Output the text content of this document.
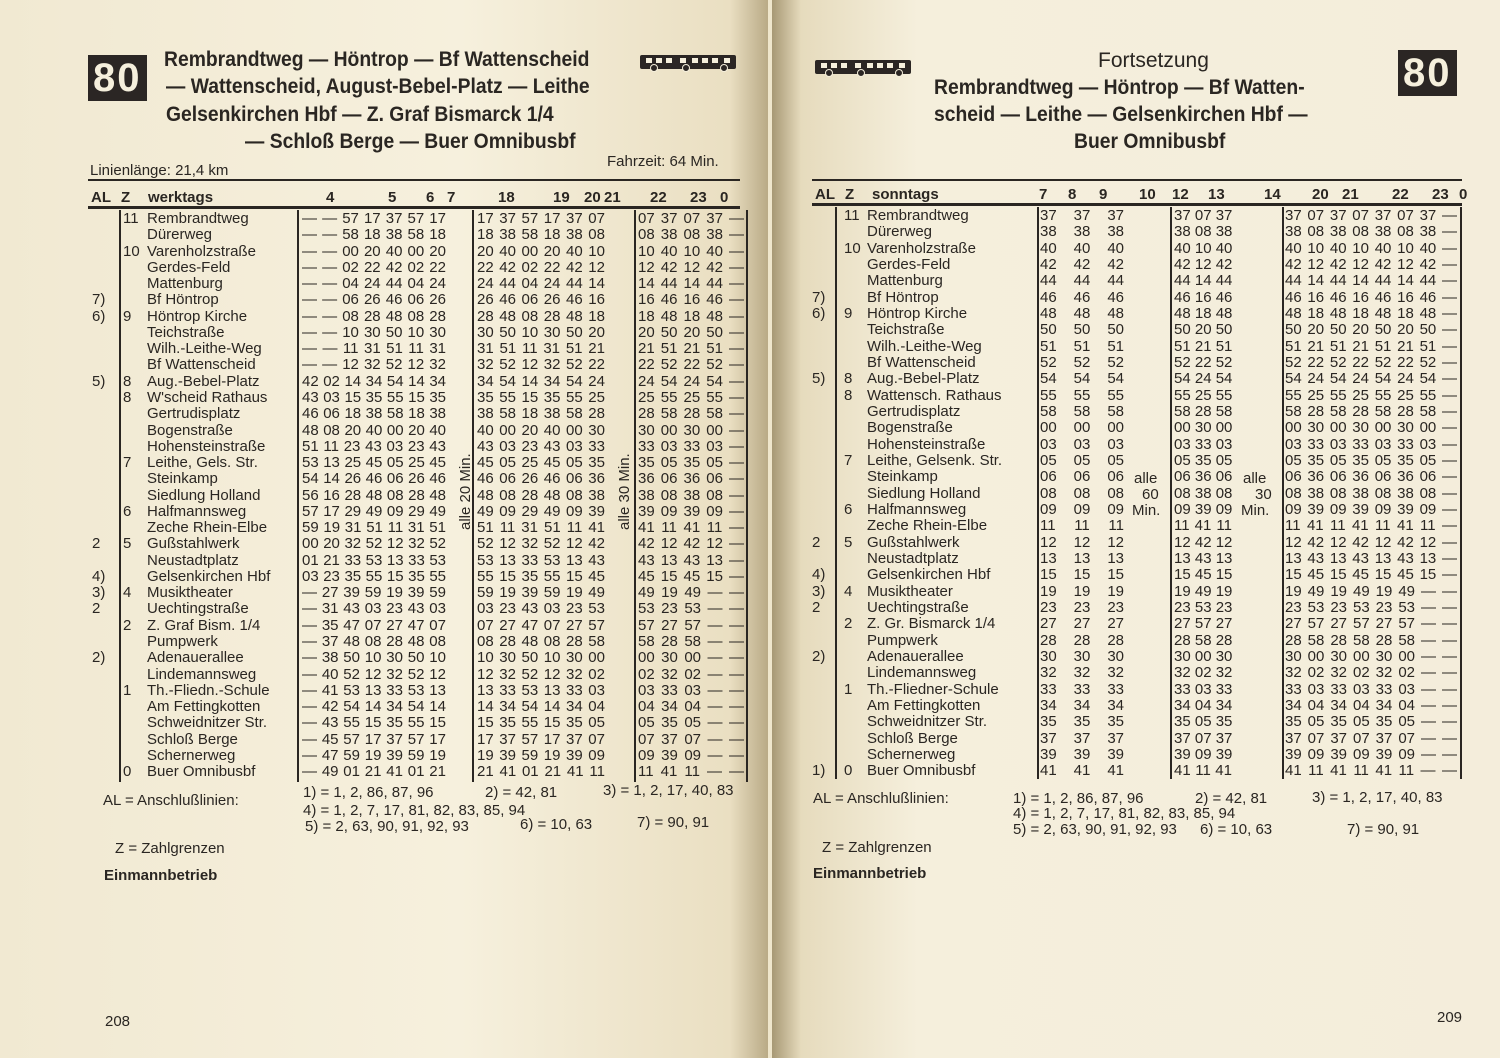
80 Rembrandtweg — Höntrop — Bf Wattenscheid
— Wattenscheid, August-Bebel-Platz — Leithe
Gelsenkirchen Hbf — Z. Graf Bismarck 1/4
— Schloß Berge — Buer Omnibusbf
Linienlänge: 21,4 km
Fahrzeit: 64 Min.
AL Z werktags	4	5 6 7	18	19 20 21 22 23 0
11 Rembrandtweg	— — 57 17 37 57 17 17 37 57 17 37 07 07 37 07 37 —
Dürerweg	— — 58 18 38 58 18 18 38 58 18 38 08 08 38 08 38 —
10 Varenholzstraße	— — 00 20 40 00 20 20 40 00 20 40 10 10 40 10 40 —
Gerdes-Feld	— — 02 22 42 02 22 22 42 02 22 42 12 12 42 12 42 —
Mattenburg	— — 04 24 44 04 24 24 44 04 24 44 14 14 44 14 44 —
7)	Bf Höntrop	— — 06 26 46 06 26 26 46 06 26 46 16 16 46 16 46 —
6) 9 Höntrop Kirche	— — 08 28 48 08 28 28 48 08 28 48 18 18 48 18 48 —
Teichstraße	— — 10 30 50 10 30 30 50 10 30 50 20 20 50 20 50 —
Wilh.-Leithe-Weg	— — 11 31 51 11 31 31 51 11 31 51 21 21 51 21 51 —
Bf Wattenscheid	— — 12 32 52 12 32 32 52 12 32 52 22 22 52 22 52 —
5) 8 Aug.-Bebel-Platz	42 02 14 34 54 14 34 34 54 14 34 54 24 24 54 24 54 —
8 W'scheid Rathaus 43 03 15 35 55 15 35 35 55 15 35 55 25 25 55 25 55 —
Gertrudisplatz	46 06 18 38 58 18 38 38 58 18 38 58 28 28 58 28 58 —
Bogenstraße	48 08 20 40 00 20 40 40 00 20 40 00 30 30 00 30 00 —
Hohensteinstraße 51 11 23 43 03 23 43 43 03 23 43 03 33 33 03 33 03 —
7 Leithe, Gels. Str.	53 13 25 45 05 25 45 45 05 25 45 05 35 35 05 35 05 —
Steinkamp	54 14 26 46 06 26 46 46 06 26 46 06 36 36 06 36 06 —
Siedlung Holland	56 16 28 48 08 28 48 48 08 28 48 08 38 38 08 38 08 —
6 Halfmannsweg	57 17 29 49 09 29 49 49 09 29 49 09 39 39 09 39 09 —
Zeche Rhein-Elbe 59 19 31 51 11 31 51 51 11 31 51 11 41 41 11 41 11 —
2 5 Gußstahlwerk	00 20 32 52 12 32 52 52 12 32 52 12 42 42 12 42 12 —
Neustadtplatz	01 21 33 53 13 33 53 53 13 33 53 13 43 43 13 43 13 —
4)	Gelsenkirchen Hbf 03 23 35 55 15 35 55 55 15 35 55 15 45 45 15 45 15 —
3) 4 Musiktheater	— 27 39 59 19 39 59 59 19 39 59 19 49 49 19 49 — —
2	Uechtingstraße	— 31 43 03 23 43 03 03 23 43 03 23 53 53 23 53 — —
2 Z. Graf Bism. 1/4	— 35 47 07 27 47 07 07 27 47 07 27 57 57 27 57 — —
Pumpwerk	— 37 48 08 28 48 08 08 28 48 08 28 58 58 28 58 — —
2)	Adenauerallee	— 38 50 10 30 50 10 10 30 50 10 30 00 00 30 00 — —
Lindemannsweg	— 40 52 12 32 52 12 12 32 52 12 32 02 02 32 02 — —
1 Th.-Fliedn.-Schule — 41 53 13 33 53 13 13 33 53 13 33 03 03 33 03 — —
Am Fettingkotten	— 42 54 14 34 54 14 14 34 54 14 34 04 04 34 04 — —
Schweidnitzer Str. — 43 55 15 35 55 15 15 35 55 15 35 05 05 35 05 — —
Schloß Berge	— 45 57 17 37 57 17 17 37 57 17 37 07 07 37 07 — —
Schernerweg	— 47 59 19 39 59 19 19 39 59 19 39 09 09 39 09 — —
0 Buer Omnibusbf	— 49 01 21 41 01 21 21 41 01 21 41 11 11 41 11 — —
alle 20 Min.	alle 30 Min.
AL = Anschlußlinien:	1) = 1, 2, 86, 87, 96	2) = 42, 81	3) = 1, 2, 17, 40, 83
4) = 1, 2, 7, 17, 81, 82, 83, 85, 94
5) = 2, 63, 90, 91, 92, 93	6) = 10, 63	7) = 90, 91
Z = Zahlgrenzen
Einmannbetrieb
208
80
Fortsetzung
Rembrandtweg — Höntrop — Bf Watten-
scheid — Leithe — Gelsenkirchen Hbf —
Buer Omnibusbf
AL Z sonntags	7 8 9 10 12 13	14 20 21 22 23 0
11 Rembrandtweg	37 37 37	37 07 37	37 07 37 07 37 07 37 —
Dürerweg	38 38 38	38 08 38	38 08 38 08 38 08 38 —
10 Varenholzstraße	40 40 40	40 10 40	40 10 40 10 40 10 40 —
Gerdes-Feld	42 42 42	42 12 42	42 12 42 12 42 12 42 —
Mattenburg	44 44 44	44 14 44	44 14 44 14 44 14 44 —
7)	Bf Höntrop	46 46 46	46 16 46	46 16 46 16 46 16 46 —
6) 9 Höntrop Kirche	48 48 48	48 18 48	48 18 48 18 48 18 48 —
Teichstraße	50 50 50	50 20 50	50 20 50 20 50 20 50 —
Wilh.-Leithe-Weg	51 51 51	51 21 51	51 21 51 21 51 21 51 —
Bf Wattenscheid	52 52 52	52 22 52	52 22 52 22 52 22 52 —
5) 8 Aug.-Bebel-Platz	54 54 54	54 24 54	54 24 54 24 54 24 54 —
8 Wattensch. Rathaus	55 55 55	55 25 55	55 25 55 25 55 25 55 —
Gertrudisplatz	58 58 58	58 28 58	58 28 58 28 58 28 58 —
Bogenstraße	00 00 00	00 30 00	00 30 00 30 00 30 00 —
Hohensteinstraße	03 03 03	03 33 03	03 33 03 33 03 33 03 —
7 Leithe, Gelsenk. Str.	05 05 05	05 35 05	05 35 05 35 05 35 05 —
Steinkamp	06 06 06	06 36 06	06 36 06 36 06 36 06 —
Siedlung Holland	08 08 08	08 38 08	08 38 08 38 08 38 08 —
6 Halfmannsweg	09 09 09	09 39 09	09 39 09 39 09 39 09 —
Zeche Rhein-Elbe	11 11 11	11 41 11	11 41 11 41 11 41 11 —
2 5 Gußstahlwerk	12 12 12	12 42 12	12 42 12 42 12 42 12 —
Neustadtplatz	13 13 13	13 43 13	13 43 13 43 13 43 13 —
4)	Gelsenkirchen Hbf	15 15 15	15 45 15	15 45 15 45 15 45 15 —
3) 4 Musiktheater	19 19 19	19 49 19	19 49 19 49 19 49 — —
2	Uechtingstraße	23 23 23	23 53 23	23 53 23 53 23 53 — —
2 Z. Gr. Bismarck 1/4	27 27 27	27 57 27	27 57 27 57 27 57 — —
Pumpwerk	28 28 28	28 58 28	28 58 28 58 28 58 — —
2)	Adenauerallee	30 30 30	30 00 30	30 00 30 00 30 00 — —
Lindemannsweg	32 32 32	32 02 32	32 02 32 02 32 02 — —
1 Th.-Fliedner-Schule	33 33 33	33 03 33	33 03 33 03 33 03 — —
Am Fettingkotten	34 34 34	34 04 34	34 04 34 04 34 04 — —
Schweidnitzer Str.	35 35 35	35 05 35	35 05 35 05 35 05 — —
Schloß Berge	37 37 37	37 07 37	37 07 37 07 37 07 — —
Schernerweg	39 39 39	39 09 39	39 09 39 09 39 09 — —
1) 0 Buer Omnibusbf	41 41 41	41 11 41	41 11 41 11 41 11 — —
alle
60
Min.
alle
30
Min.
AL = Anschlußlinien:	1) = 1, 2, 86, 87, 96	2) = 42, 81	3) = 1, 2, 17, 40, 83
4) = 1, 2, 7, 17, 81, 82, 83, 85, 94
5) = 2, 63, 90, 91, 92, 93 6) = 10, 63	7) = 90, 91
Z = Zahlgrenzen
Einmannbetrieb
209
